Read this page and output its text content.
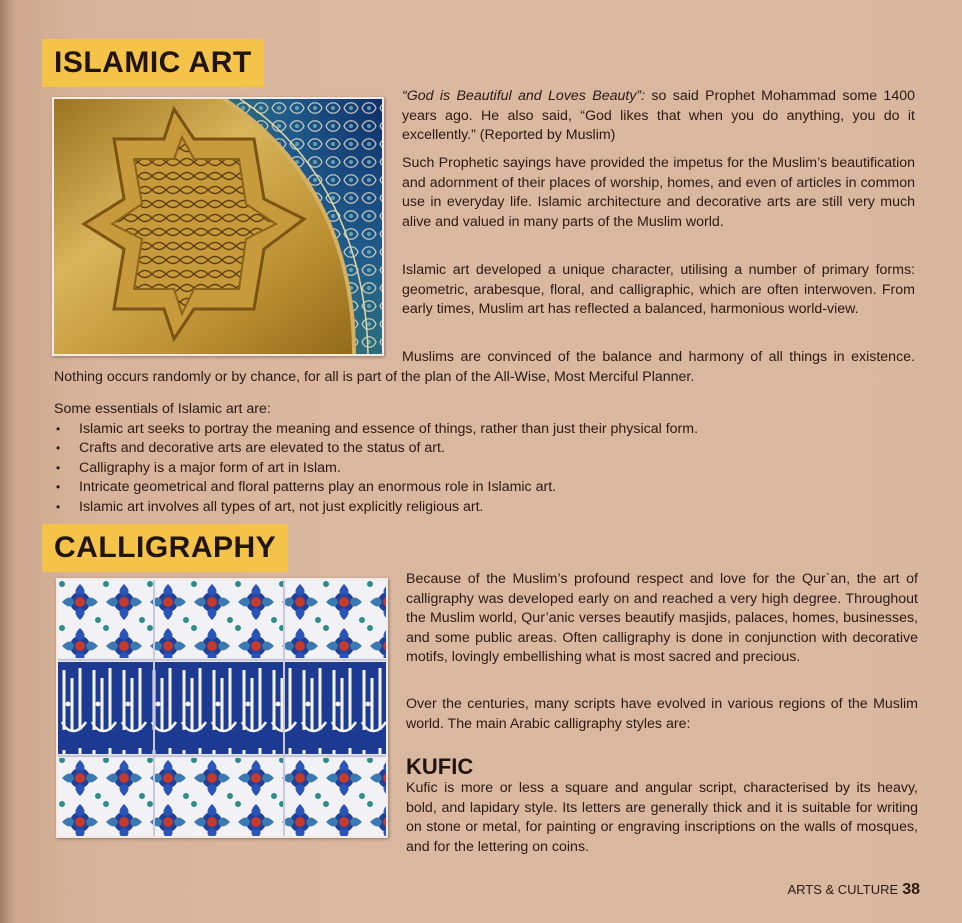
ISLAMIC ART

“God is Beautiful and Loves Beauty”: so said Prophet Mohammad some 1400 years ago. He also said, “God likes that when you do anything, you do it excellently.” (Reported by Muslim)

Such Prophetic sayings have provided the impetus for the Muslim’s beautification and adornment of their places of worship, homes, and even of articles in common use in everyday life. Islamic architecture and decorative arts are still very much alive and valued in many parts of the Muslim world.

Islamic art developed a unique character, utilising a number of primary forms: geometric, arabesque, floral, and calligraphic, which are often interwoven. From early times, Muslim art has reflected a balanced, harmonious world-view.

Muslims are convinced of the balance and harmony of all things in existence. Nothing occurs randomly or by chance, for all is part of the plan of the All-Wise, Most Merciful Planner.

Some essentials of Islamic art are:
• Islamic art seeks to portray the meaning and essence of things, rather than just their physical form.
• Crafts and decorative arts are elevated to the status of art.
• Calligraphy is a major form of art in Islam.
• Intricate geometrical and floral patterns play an enormous role in Islamic art.
• Islamic art involves all types of art, not just explicitly religious art.
CALLIGRAPHY

Because of the Muslim’s profound respect and love for the Qur`an, the art of calligraphy was developed early on and reached a very high degree. Throughout the Muslim world, Qur’anic verses beautify masjids, palaces, homes, businesses, and some public areas. Often calligraphy is done in conjunction with decorative motifs, lovingly embellishing what is most sacred and precious.

Over the centuries, many scripts have evolved in various regions of the Muslim world. The main Arabic calligraphy styles are:

KUFIC

Kufic is more or less a square and angular script, characterised by its heavy, bold, and lapidary style. Its letters are generally thick and it is suitable for writing on stone or metal, for painting or engraving inscriptions on the walls of mosques, and for the lettering on coins.

ARTS & CULTURE 38
